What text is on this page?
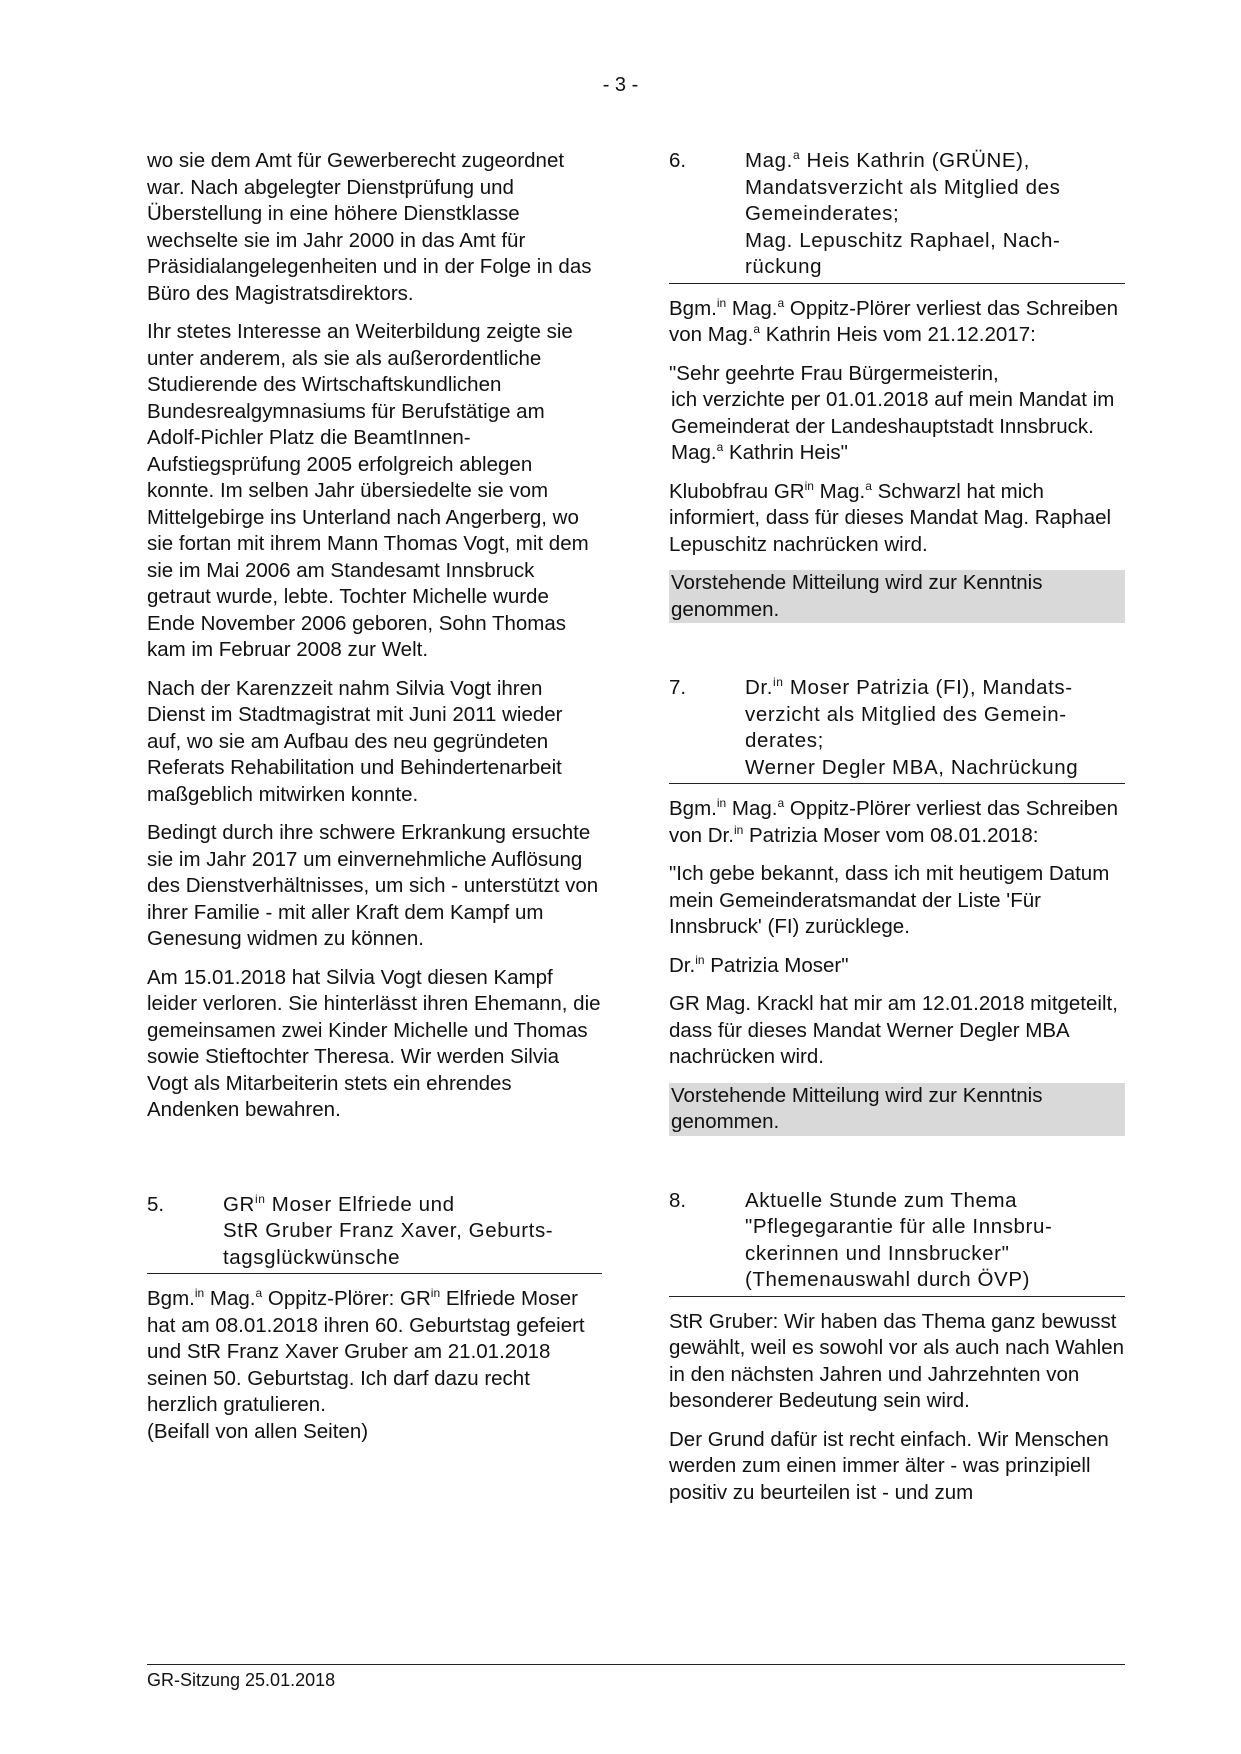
- 3 -

wo sie dem Amt für Gewerberecht zugeordnet war. Nach abgelegter Dienstprüfung und Überstellung in eine höhere Dienstklasse wechselte sie im Jahr 2000 in das Amt für Präsidialangelegenheiten und in der Folge in das Büro des Magistratsdirektors.

Ihr stetes Interesse an Weiterbildung zeigte sie unter anderem, als sie als außerordentliche Studierende des Wirtschaftskundlichen Bundesrealgymnasiums für Berufstätige am Adolf-Pichler Platz die BeamtInnen-Aufstiegsprüfung 2005 erfolgreich ablegen konnte. Im selben Jahr übersiedelte sie vom Mittelgebirge ins Unterland nach Angerberg, wo sie fortan mit ihrem Mann Thomas Vogt, mit dem sie im Mai 2006 am Standesamt Innsbruck getraut wurde, lebte. Tochter Michelle wurde Ende November 2006 geboren, Sohn Thomas kam im Februar 2008 zur Welt.

Nach der Karenzzeit nahm Silvia Vogt ihren Dienst im Stadtmagistrat mit Juni 2011 wieder auf, wo sie am Aufbau des neu gegründeten Referats Rehabilitation und Behindertenarbeit maßgeblich mitwirken konnte.

Bedingt durch ihre schwere Erkrankung ersuchte sie im Jahr 2017 um einvernehmliche Auflösung des Dienstverhältnisses, um sich - unterstützt von ihrer Familie - mit aller Kraft dem Kampf um Genesung widmen zu können.

Am 15.01.2018 hat Silvia Vogt diesen Kampf leider verloren. Sie hinterlässt ihren Ehemann, die gemeinsamen zwei Kinder Michelle und Thomas sowie Stieftochter Theresa. Wir werden Silvia Vogt als Mitarbeiterin stets ein ehrendes Andenken bewahren.

5.	$GR^{in}$ Moser Elfriede und
StR Gruber Franz Xaver, Geburts-
tagsglückwünsche

Bgm.$^{in}$ Mag.$^a$ Oppitz-Plörer: $GR^{in}$ Elfriede Moser hat am 08.01.2018 ihren 60. Geburtstag gefeiert und StR Franz Xaver Gruber am 21.01.2018 seinen 50. Geburtstag. Ich darf dazu recht herzlich gratulieren.

(Beifall von allen Seiten)

6.	Mag.$^a$ Heis Kathrin (GRÜNE),
Mandatsverzicht als Mitglied des
Gemeinderates;
Mag. Lepuschitz Raphael, Nach-
rückung

Bgm.$^{in}$ Mag.$^a$ Oppitz-Plörer verliest das Schreiben von Mag.$^a$ Kathrin Heis vom 21.12.2017:

"Sehr geehrte Frau Bürgermeisterin,
ich verzichte per 01.01.2018 auf mein Mandat im Gemeinderat der Landeshauptstadt Innsbruck.
Mag.$^a$ Kathrin Heis"

Klubobfrau $GR^{in}$ Mag.$^a$ Schwarzl hat mich informiert, dass für dieses Mandat Mag. Raphael Lepuschitz nachrücken wird.

Vorstehende Mitteilung wird zur Kenntnis genommen.
7.	Dr.$^{in}$ Moser Patrizia (FI), Mandats-
verzicht als Mitglied des Gemein-
derates;
Werner Degler MBA, Nachrückung

Bgm.$^{in}$ Mag.$^a$ Oppitz-Plörer verliest das Schreiben von Dr.$^{in}$ Patrizia Moser vom 08.01.2018:

"Ich gebe bekannt, dass ich mit heutigem Datum mein Gemeinderatsmandat der Liste 'Für Innsbruck' (FI) zurücklege.

Dr.$^{in}$ Patrizia Moser"

GR Mag. Krackl hat mir am 12.01.2018 mitgeteilt, dass für dieses Mandat Werner Degler MBA nachrücken wird.

Vorstehende Mitteilung wird zur Kenntnis genommen.
8.	Aktuelle Stunde zum Thema
"Pflegegarantie für alle Innsbru-
ckerinnen und Innsbrucker"
(Themenauswahl durch ÖVP)

StR Gruber: Wir haben das Thema ganz bewusst gewählt, weil es sowohl vor als auch nach Wahlen in den nächsten Jahren und Jahrzehnten von besonderer Bedeutung sein wird.

Der Grund dafür ist recht einfach. Wir Menschen werden zum einen immer älter - was prinzipiell positiv zu beurteilen ist - und zum

GR-Sitzung 25.01.2018
